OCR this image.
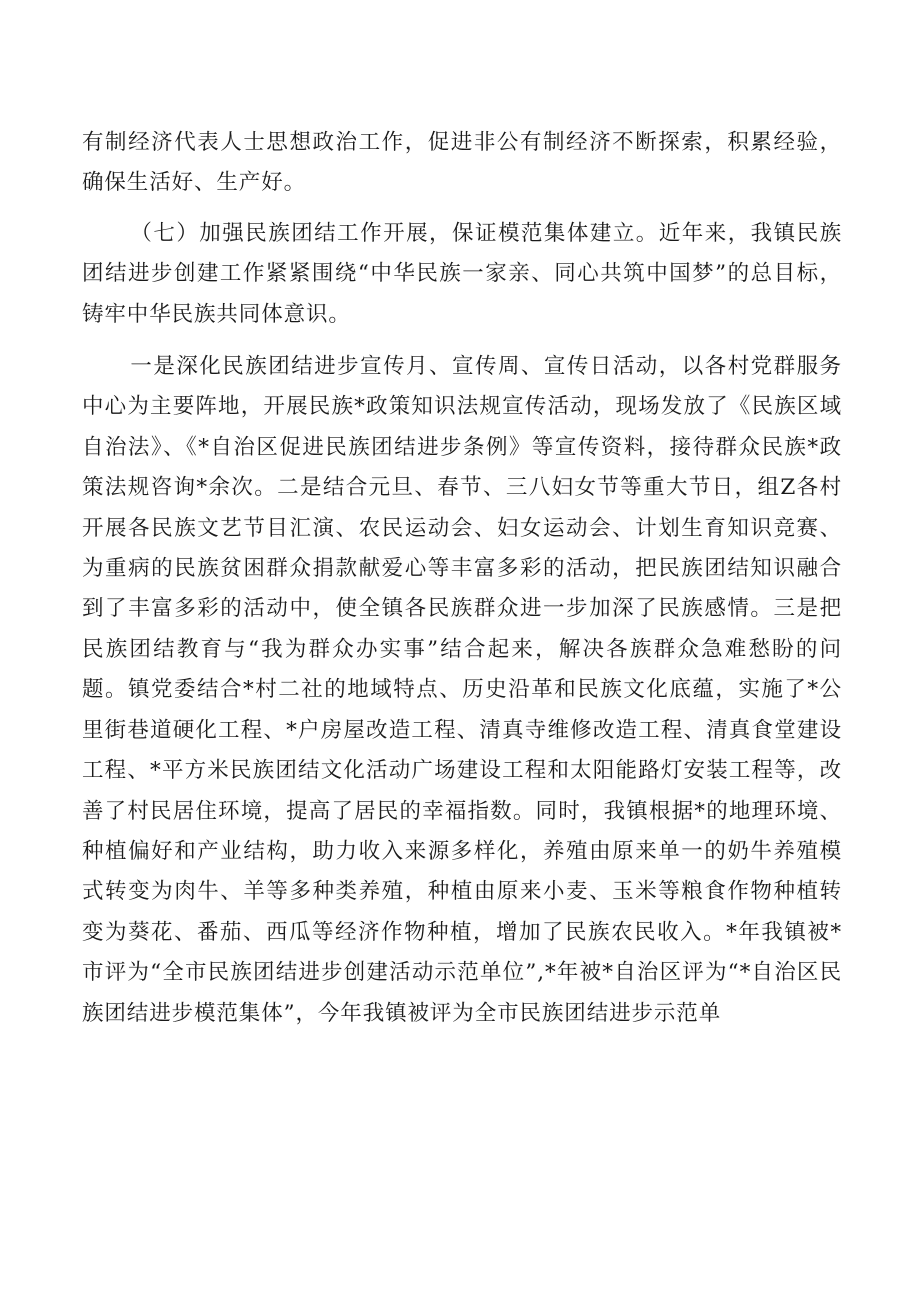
有制经济代表人士思想政治工作，促进非公有制经济不断探索，积累经验，确保生活好、生产好。

（七）加强民族团结工作开展，保证模范集体建立。近年来，我镇民族团结进步创建工作紧紧围绕“中华民族一家亲、同心共筑中国梦”的总目标，铸牢中华民族共同体意识。

一是深化民族团结进步宣传月、宣传周、宣传日活动，以各村党群服务中心为主要阵地，开展民族*政策知识法规宣传活动，现场发放了《民族区域自治法》、《*自治区促进民族团结进步条例》等宣传资料，接待群众民族*政策法规咨询*余次。二是结合元旦、春节、三八妇女节等重大节日，组Z各村开展各民族文艺节目汇演、农民运动会、妇女运动会、计划生育知识竞赛、为重病的民族贫困群众捐款献爱心等丰富多彩的活动，把民族团结知识融合到了丰富多彩的活动中，使全镇各民族群众进一步加深了民族感情。三是把民族团结教育与“我为群众办实事”结合起来，解决各族群众急难愁盼的问题。镇党委结合*村二社的地域特点、历史沿革和民族文化底蕴，实施了*公里街巷道硬化工程、*户房屋改造工程、清真寺维修改造工程、清真食堂建设工程、*平方米民族团结文化活动广场建设工程和太阳能路灯安装工程等，改善了村民居住环境，提高了居民的幸福指数。同时，我镇根据*的地理环境、种植偏好和产业结构，助力收入来源多样化，养殖由原来单一的奶牛养殖模式转变为肉牛、羊等多种类养殖，种植由原来小麦、玉米等粮食作物种植转变为葵花、番茄、西瓜等经济作物种植，增加了民族农民收入。*年我镇被*市评为“全市民族团结进步创建活动示范单位”,*年被*自治区评为“*自治区民族团结进步模范集体”，今年我镇被评为全市民族团结进步示范单
